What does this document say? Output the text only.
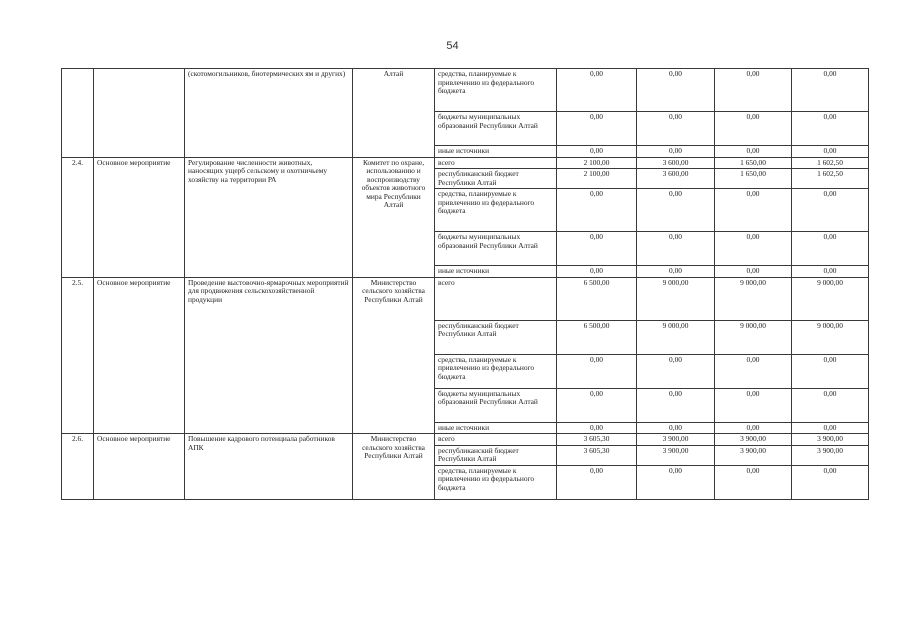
54
		(скотомогильников, биотермических ям и других)	Алтай	средства, планируемые к привлечению из федерального бюджета	0,00	0,00	0,00	0,00
				бюджеты муниципальных образований Республики Алтай	0,00	0,00	0,00	0,00
				иные источники	0,00	0,00	0,00	0,00
2.4.	Основное мероприятие	Регулирование численности животных, наносящих ущерб сельскому и охотничьему хозяйству на территории РА	Комитет по охране, использованию и воспроизводству объектов животного мира Республики Алтай	всего	2 100,00	3 600,00	1 650,00	1 602,50
				республиканский бюджет Республики Алтай	2 100,00	3 600,00	1 650,00	1 602,50
				средства, планируемые к привлечению из федерального бюджета	0,00	0,00	0,00	0,00
				бюджеты муниципальных образований Республики Алтай	0,00	0,00	0,00	0,00
				иные источники	0,00	0,00	0,00	0,00
2.5.	Основное мероприятие	Проведение выстовочно-ярмарочных мероприятий для продвижения сельскохозяйственной продукции	Министерство сельского хозяйства Республики Алтай	всего	6 500,00	9 000,00	9 000,00	9 000,00
				республиканский бюджет Республики Алтай	6 500,00	9 000,00	9 000,00	9 000,00
				средства, планируемые к привлечению из федерального бюджета	0,00	0,00	0,00	0,00
				бюджеты муниципальных образований Республики Алтай	0,00	0,00	0,00	0,00
				иные источники	0,00	0,00	0,00	0,00
2.6.	Основное мероприятие	Повышение кадрового потенциала работников АПК	Министерство сельского хозяйства Республики Алтай	всего	3 605,30	3 900,00	3 900,00	3 900,00
				республиканский бюджет Республики Алтай	3 605,30	3 900,00	3 900,00	3 900,00
				средства, планируемые к привлечению из федерального бюджета	0,00	0,00	0,00	0,00
